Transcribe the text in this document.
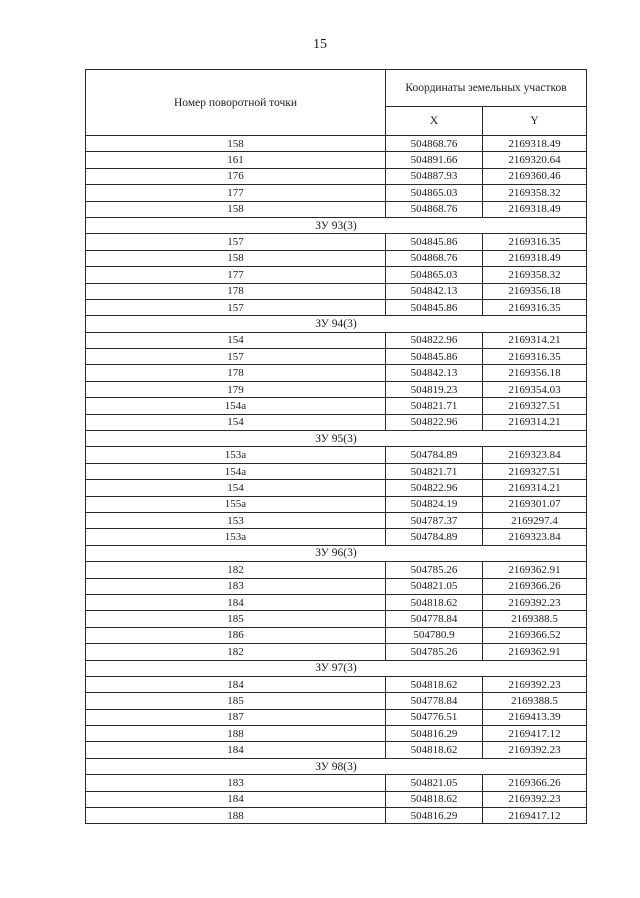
15
Номер поворотной точки	Координаты земельных участков	
	X	Y
158	504868.76	2169318.49
161	504891.66	2169320.64
176	504887.93	2169360.46
177	504865.03	2169358.32
158	504868.76	2169318.49
ЗУ 93(3)		
157	504845.86	2169316.35
158	504868.76	2169318.49
177	504865.03	2169358.32
178	504842.13	2169356.18
157	504845.86	2169316.35
ЗУ 94(3)		
154	504822.96	2169314.21
157	504845.86	2169316.35
178	504842.13	2169356.18
179	504819.23	2169354.03
154а	504821.71	2169327.51
154	504822.96	2169314.21
ЗУ 95(3)		
153а	504784.89	2169323.84
154а	504821.71	2169327.51
154	504822.96	2169314.21
155а	504824.19	2169301.07
153	504787.37	2169297.4
153а	504784.89	2169323.84
ЗУ 96(3)		
182	504785.26	2169362.91
183	504821.05	2169366.26
184	504818.62	2169392.23
185	504778.84	2169388.5
186	504780.9	2169366.52
182	504785.26	2169362.91
ЗУ 97(3)		
184	504818.62	2169392.23
185	504778.84	2169388.5
187	504776.51	2169413.39
188	504816.29	2169417.12
184	504818.62	2169392.23
ЗУ 98(3)		
183	504821.05	2169366.26
184	504818.62	2169392.23
188	504816.29	2169417.12
